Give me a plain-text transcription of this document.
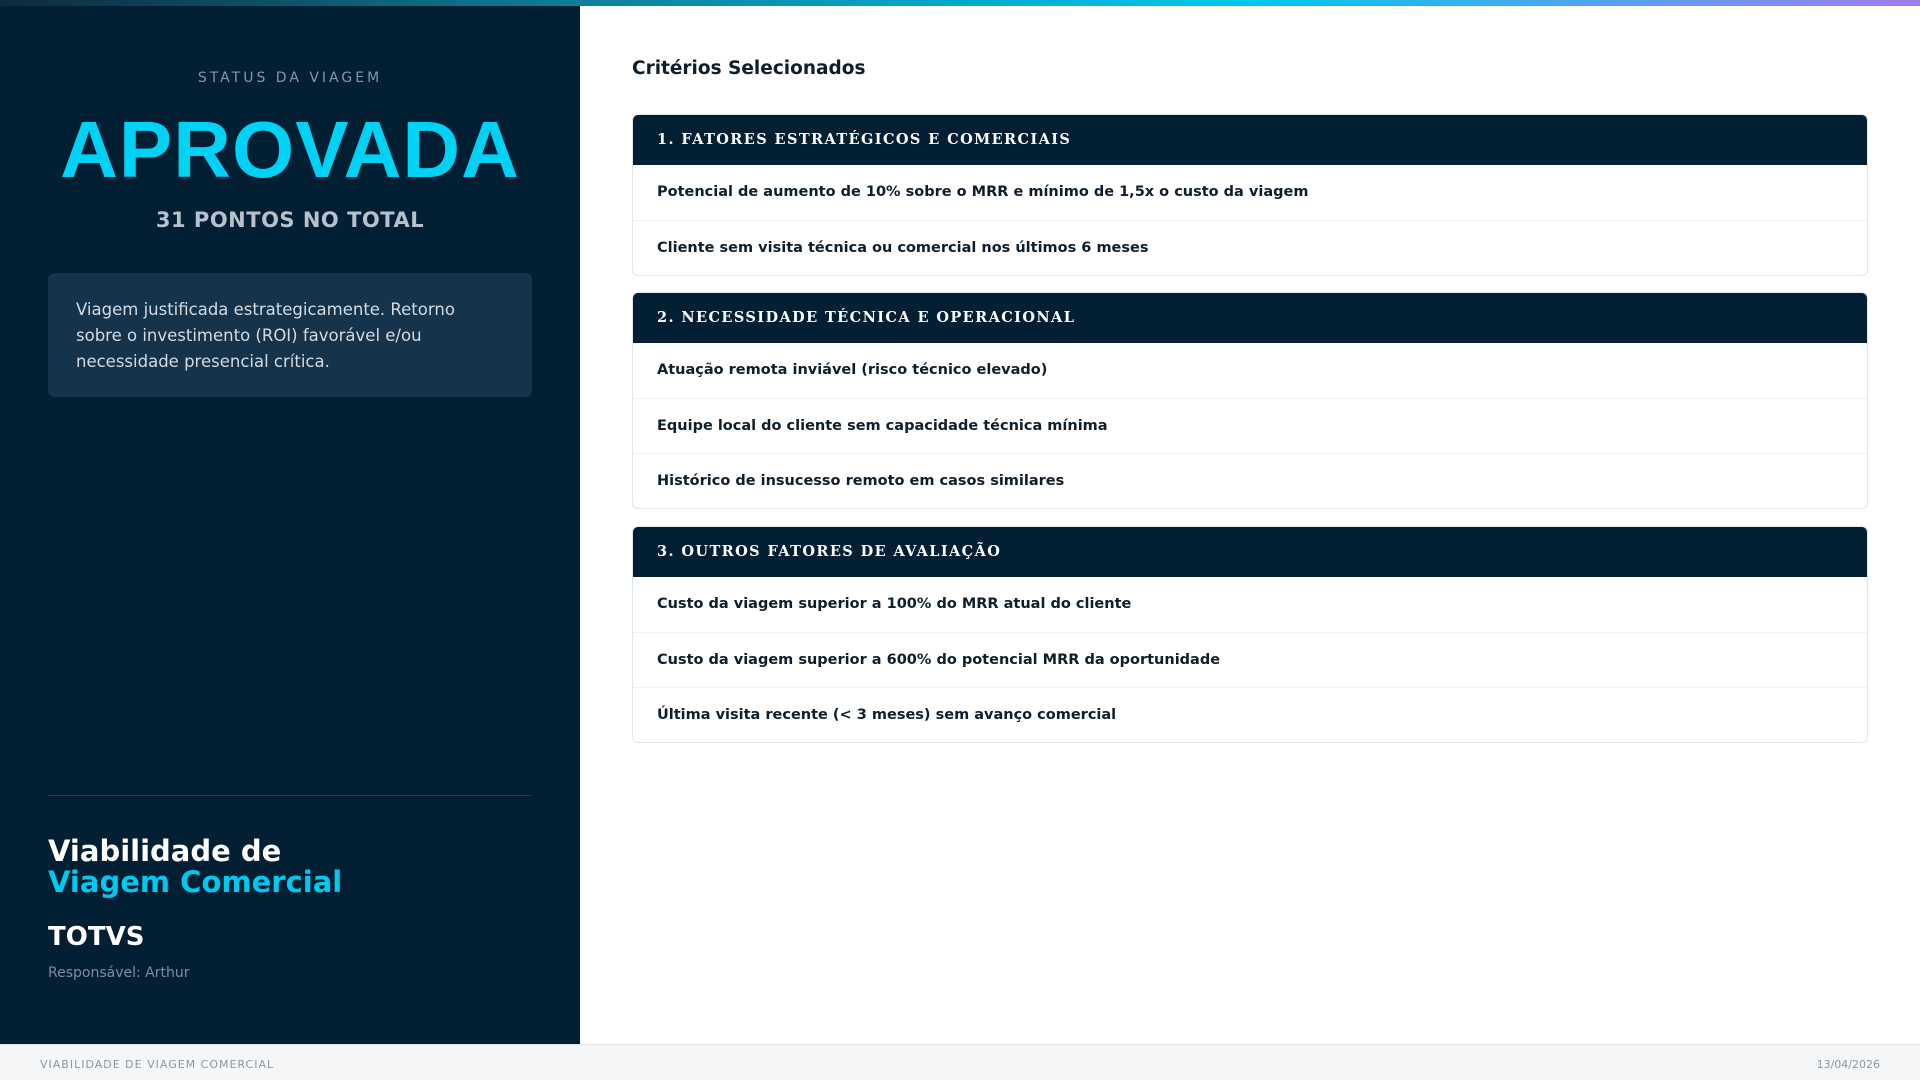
STATUS DA VIAGEM
APROVADA
31 PONTOS NO TOTAL
Viagem justificada estrategicamente. Retorno sobre o investimento (ROI) favorável e/ou necessidade presencial crítica.
Viabilidade de
Viagem Comercial
TOTVS
Responsável: Arthur
Critérios Selecionados
1. FATORES ESTRATÉGICOS E COMERCIAIS
Potencial de aumento de 10% sobre o MRR e mínimo de 1,5x o custo da viagem
Cliente sem visita técnica ou comercial nos últimos 6 meses
2. NECESSIDADE TÉCNICA E OPERACIONAL
Atuação remota inviável (risco técnico elevado)
Equipe local do cliente sem capacidade técnica mínima
Histórico de insucesso remoto em casos similares
3. OUTROS FATORES DE AVALIAÇÃO
Custo da viagem superior a 100% do MRR atual do cliente
Custo da viagem superior a 600% do potencial MRR da oportunidade
Última visita recente (< 3 meses) sem avanço comercial
VIABILIDADE DE VIAGEM COMERCIAL	13/04/2026
